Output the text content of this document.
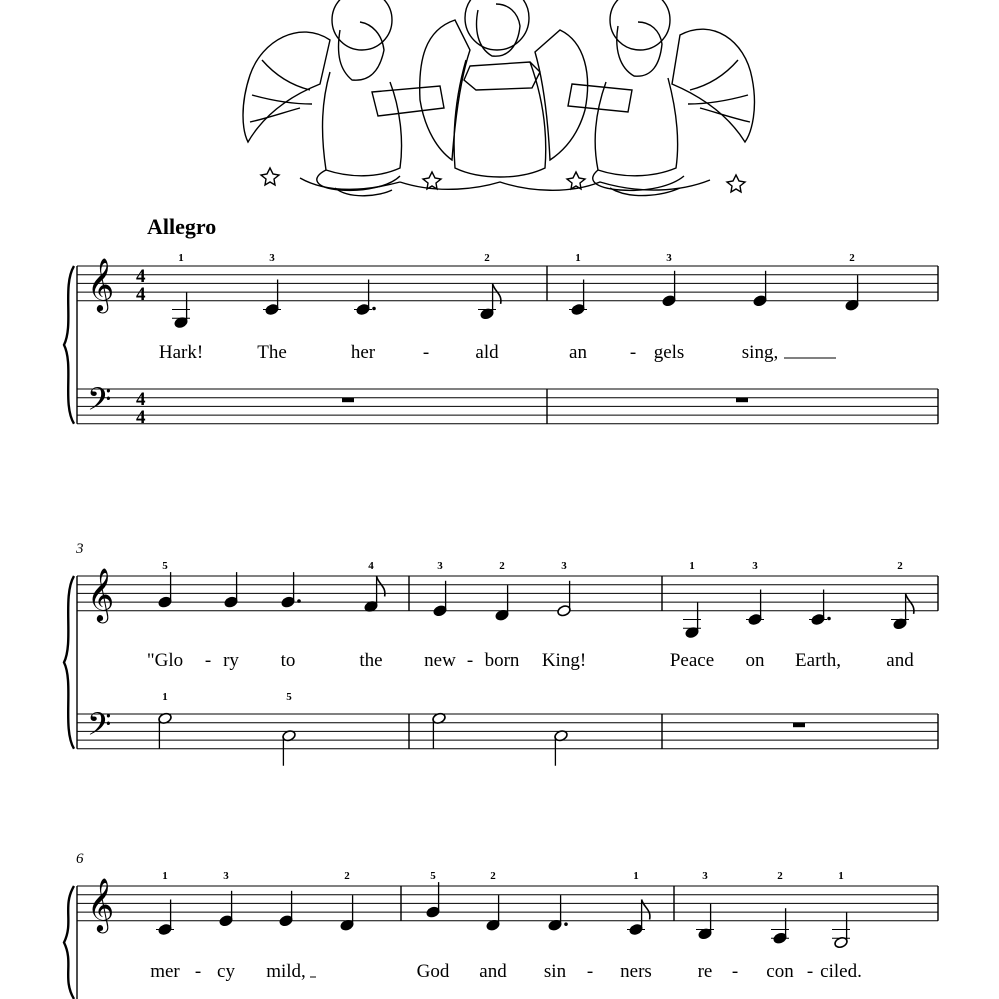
Allegro
𝄞
𝄢
4
4
4
4
1
Hark!
3
The	her	-
2
ald
1
an -
3
gels	sing,
2
𝄞
𝄢
3
5
"Glo - ry to
4
the
1	5
3
new -
2
born
3
King!
1
Peace
3
on Earth,
2
and
𝄞
6
1
mer -
3
cy mild,
2	5
God
2
and sin -
1
ners
3
re -
2
con -
1
ciled.
